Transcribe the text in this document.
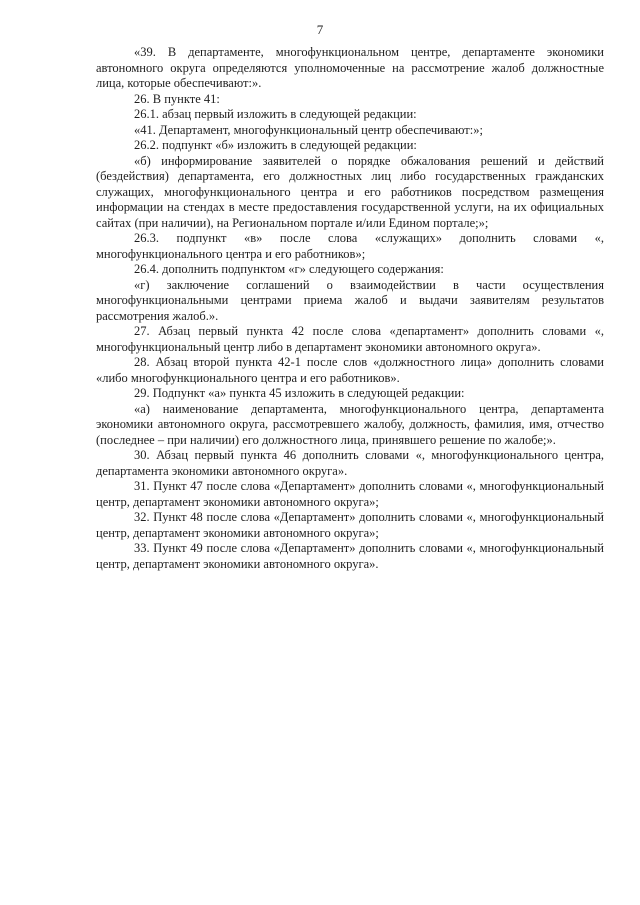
7

«39. В департаменте, многофункциональном центре, департаменте экономики автономного округа определяются уполномоченные на рассмотрение жалоб должностные лица, которые обеспечивают:».

26. В пункте 41:

26.1. абзац первый изложить в следующей редакции:

«41. Департамент, многофункциональный центр обеспечивают:»;

26.2. подпункт «б» изложить в следующей редакции:

«б) информирование заявителей о порядке обжалования решений и действий (бездействия) департамента, его должностных лиц либо государственных гражданских служащих, многофункционального центра и его работников посредством размещения информации на стендах в месте предоставления государственной услуги, на их официальных сайтах (при наличии), на Региональном портале и/или Едином портале;»;

26.3. подпункт «в» после слова «служащих» дополнить словами «, многофункционального центра и его работников»;

26.4. дополнить подпунктом «г» следующего содержания:

«г) заключение соглашений о взаимодействии в части осуществления многофункциональными центрами приема жалоб и выдачи заявителям результатов рассмотрения жалоб.».

27. Абзац первый пункта 42 после слова «департамент» дополнить словами «, многофункциональный центр либо в департамент экономики автономного округа».

28. Абзац второй пункта 42-1 после слов «должностного лица» дополнить словами «либо многофункционального центра и его работников».

29. Подпункт «а» пункта 45 изложить в следующей редакции:

«а) наименование департамента, многофункционального центра, департамента экономики автономного округа, рассмотревшего жалобу, должность, фамилия, имя, отчество (последнее – при наличии) его должностного лица, принявшего решение по жалобе;».

30. Абзац первый пункта 46 дополнить словами «, многофункционального центра, департамента экономики автономного округа».

31. Пункт 47 после слова «Департамент» дополнить словами «, многофункциональный центр, департамент экономики автономного округа»;

32. Пункт 48 после слова «Департамент» дополнить словами «, многофункциональный центр, департамент экономики автономного округа»;

33. Пункт 49 после слова «Департамент» дополнить словами «, многофункциональный центр, департамент экономики автономного округа».
